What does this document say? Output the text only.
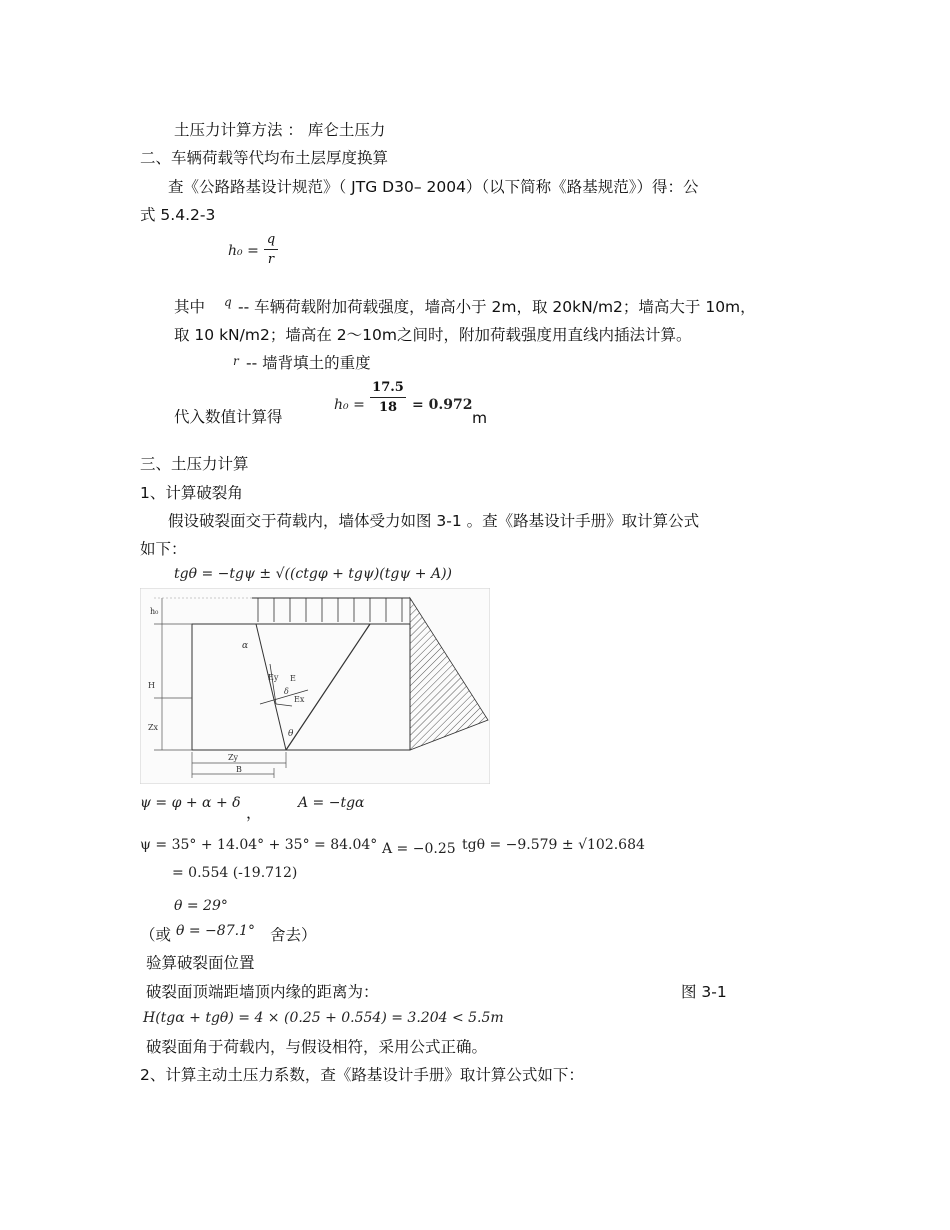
土压力计算方法 ： 库仑土压力
二、车辆荷载等代均布土层厚度换算
查《公路路基设计规范》（ JTG D30– 2004）（以下简称《路基规范》）得：公
式 5.4.2-3
h₀ =
q
r
其中 q -- 车辆荷载附加荷载强度，墙高小于 2m，取 20kN/m2；墙高大于 10m，
取 10 kN/m2；墙高在 2～10m之间时，附加荷载强度用直线内插法计算。
r -- 墙背填土的重度
代入数值计算得
h₀ =
17.5
18	= 0.972
m
三、土压力计算
1、计算破裂角
假设破裂面交于荷载内，墙体受力如图 3-1 。查《路基设计手册》取计算公式
如下：
tgθ = −tgψ ± √((ctgφ + tgψ)(tgψ + A))
h₀
H
Zx
α
Ey E
Ex
δ
θ
Zy
B
ψ = φ + α + δ
，
A = −tgα
ψ = 35° + 14.04° + 35° = 84.04° A = −0.25 tgθ = −9.579 ± √102.684
= 0.554 (-19.712)
θ = 29°
（或 θ = −87.1° 舍去）
验算破裂面位置
破裂面顶端距墙顶内缘的距离为：	图 3-1
H(tgα + tgθ) = 4 × (0.25 + 0.554) = 3.204 < 5.5m
破裂面角于荷载内，与假设相符，采用公式正确。
2、计算主动土压力系数，查《路基设计手册》取计算公式如下：
